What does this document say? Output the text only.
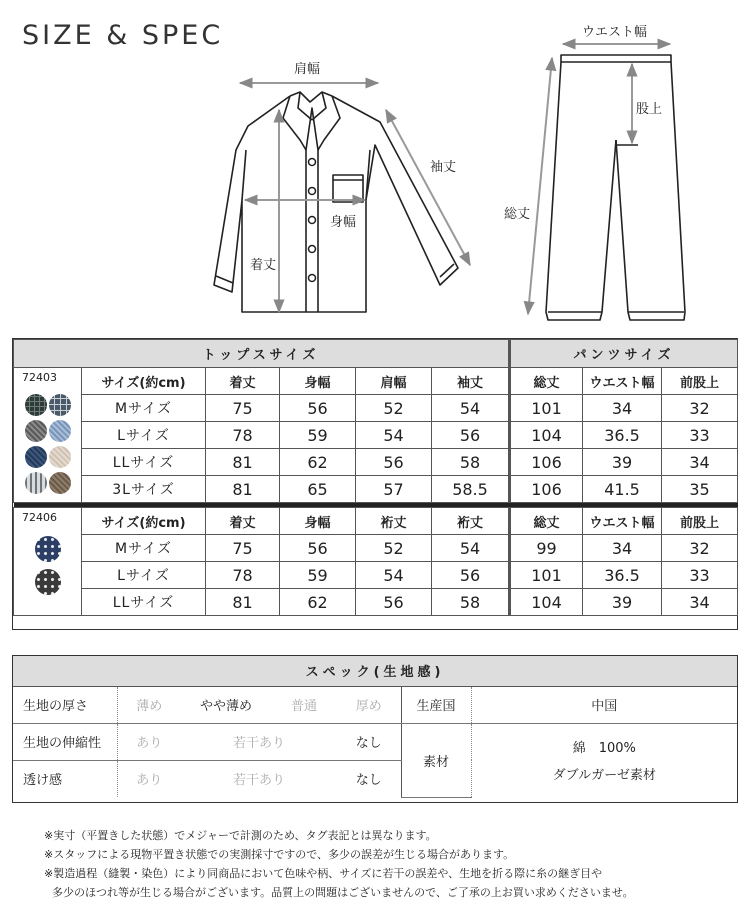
SIZE & SPEC
肩幅
袖丈
身幅
着丈
ウエスト幅
股上
総丈
トップスサイズ						パンツサイズ		

72403	サイズ(約cm)	着丈	身幅	肩幅	袖丈	総丈	ウエスト幅	前股上
	Mサイズ	75	56	52	54	101	34	32
	Lサイズ	78	59	54	56	104	36.5	33
	LLサイズ	81	62	56	58	106	39	34
	3Lサイズ	81	65	57	58.5	106	41.5	35

72406	サイズ(約cm)	着丈	身幅	裄丈	裄丈	総丈	ウエスト幅	前股上
	Mサイズ	75	56	52	54	99	34	32
	Lサイズ	78	59	54	56	101	36.5	33
	LLサイズ	81	62	56	58	104	39	34
スペック(生地感)						
生地の厚さ	薄め	やや薄め	普通	厚め	生産国	中国
生地の伸縮性	あり	若干あり		なし	素材	綿　100%
透け感	あり	若干あり		なし		ダブルガーゼ素材
※実寸（平置きした状態）でメジャーで計測のため、タグ表記とは異なります。
※スタッフによる現物平置き状態での実測採寸ですので、多少の誤差が生じる場合があります。
※製造過程（縫製・染色）により同商品において色味や柄、サイズに若干の誤差や、生地を折る際に糸の継ぎ目や
多少のほつれ等が生じる場合がございます。品質上の問題はございませんので、ご了承の上お買い求めくださいませ。
